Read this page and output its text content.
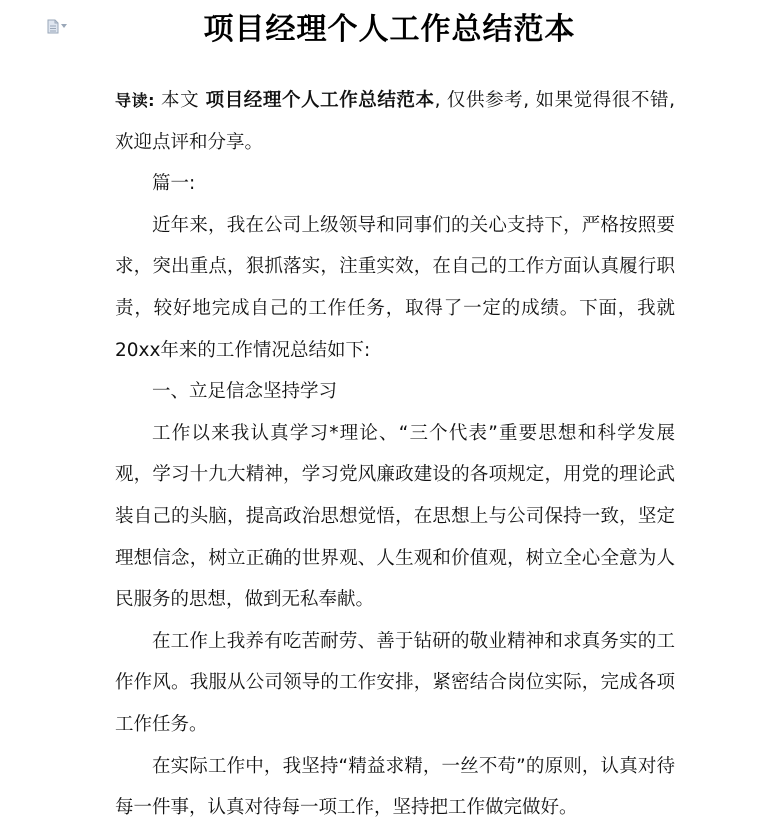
项目经理个人工作总结范本

导读: 本文 项目经理个人工作总结范本, 仅供参考, 如果觉得很不错, 欢迎点评和分享。

篇一:

近年来，我在公司上级领导和同事们的关心支持下，严格按照要求，突出重点，狠抓落实，注重实效，在自己的工作方面认真履行职责，较好地完成自己的工作任务，取得了一定的成绩。下面，我就20xx年来的工作情况总结如下:

一、立足信念坚持学习

工作以来我认真学习*理论、“三个代表”重要思想和科学发展观，学习十九大精神，学习党风廉政建设的各项规定，用党的理论武装自己的头脑，提高政治思想觉悟，在思想上与公司保持一致，坚定理想信念，树立正确的世界观、人生观和价值观，树立全心全意为人民服务的思想，做到无私奉献。

在工作上我养有吃苦耐劳、善于钻研的敬业精神和求真务实的工作作风。我服从公司领导的工作安排，紧密结合岗位实际，完成各项工作任务。

在实际工作中，我坚持“精益求精，一丝不苟”的原则，认真对待每一件事，认真对待每一项工作，坚持把工作做完做好。
